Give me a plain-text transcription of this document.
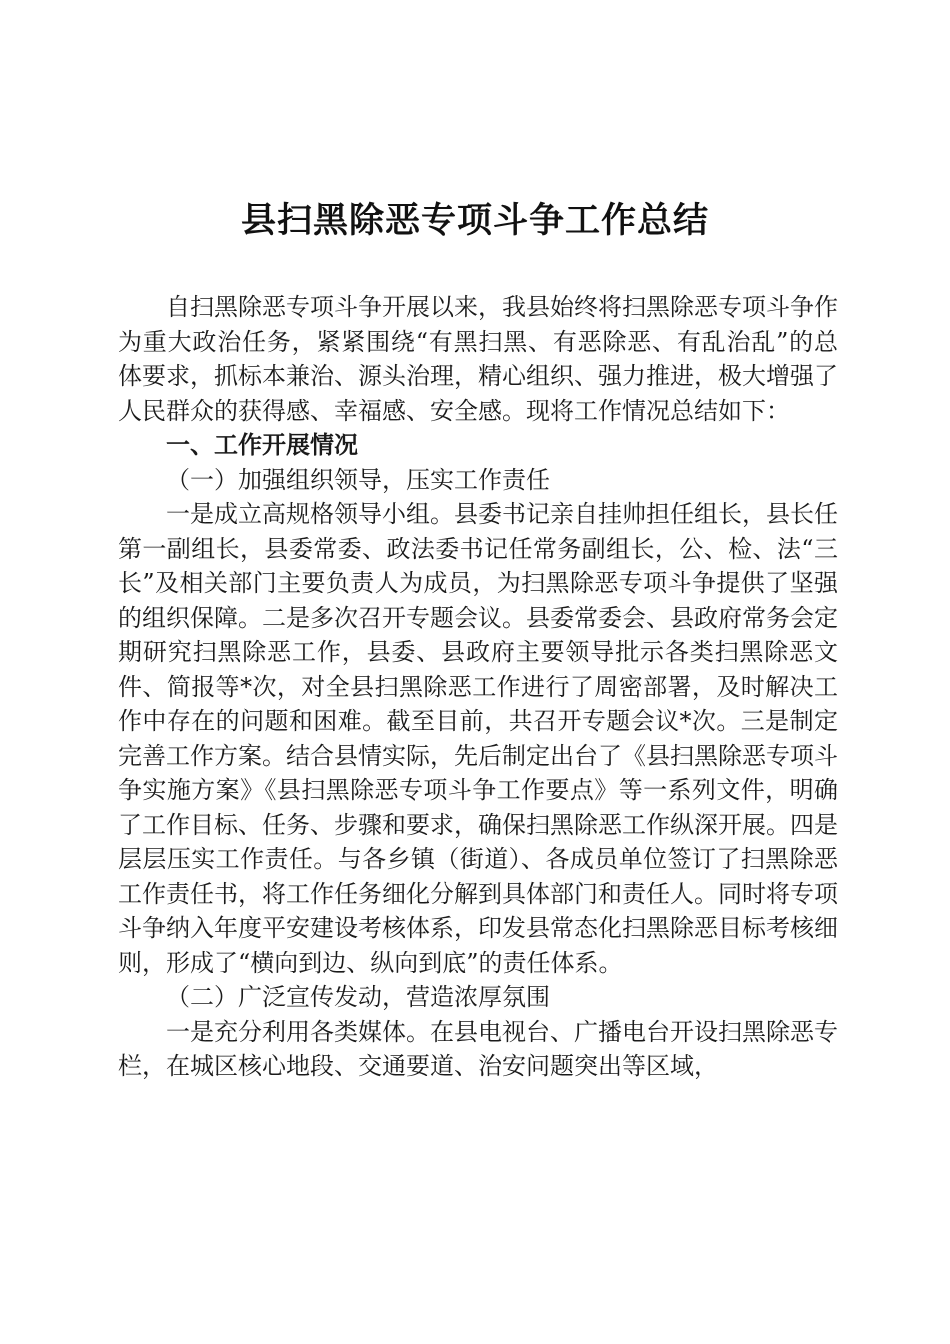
县扫黑除恶专项斗争工作总结

自扫黑除恶专项斗争开展以来，我县始终将扫黑除恶专项斗争作为重大政治任务，紧紧围绕“有黑扫黑、有恶除恶、有乱治乱”的总体要求，抓标本兼治、源头治理，精心组织、强力推进，极大增强了人民群众的获得感、幸福感、安全感。现将工作情况总结如下：

一、工作开展情况

（一）加强组织领导，压实工作责任

一是成立高规格领导小组。县委书记亲自挂帅担任组长，县长任第一副组长，县委常委、政法委书记任常务副组长，公、检、法“三长”及相关部门主要负责人为成员，为扫黑除恶专项斗争提供了坚强的组织保障。二是多次召开专题会议。县委常委会、县政府常务会定期研究扫黑除恶工作，县委、县政府主要领导批示各类扫黑除恶文件、简报等*次，对全县扫黑除恶工作进行了周密部署，及时解决工作中存在的问题和困难。截至目前，共召开专题会议*次。三是制定完善工作方案。结合县情实际，先后制定出台了《县扫黑除恶专项斗争实施方案》《县扫黑除恶专项斗争工作要点》等一系列文件，明确了工作目标、任务、步骤和要求，确保扫黑除恶工作纵深开展。四是层层压实工作责任。与各乡镇（街道）、各成员单位签订了扫黑除恶工作责任书，将工作任务细化分解到具体部门和责任人。同时将专项斗争纳入年度平安建设考核体系，印发县常态化扫黑除恶目标考核细则，形成了“横向到边、纵向到底”的责任体系。

（二）广泛宣传发动，营造浓厚氛围

一是充分利用各类媒体。在县电视台、广播电台开设扫黑除恶专栏，在城区核心地段、交通要道、治安问题突出等区域，
